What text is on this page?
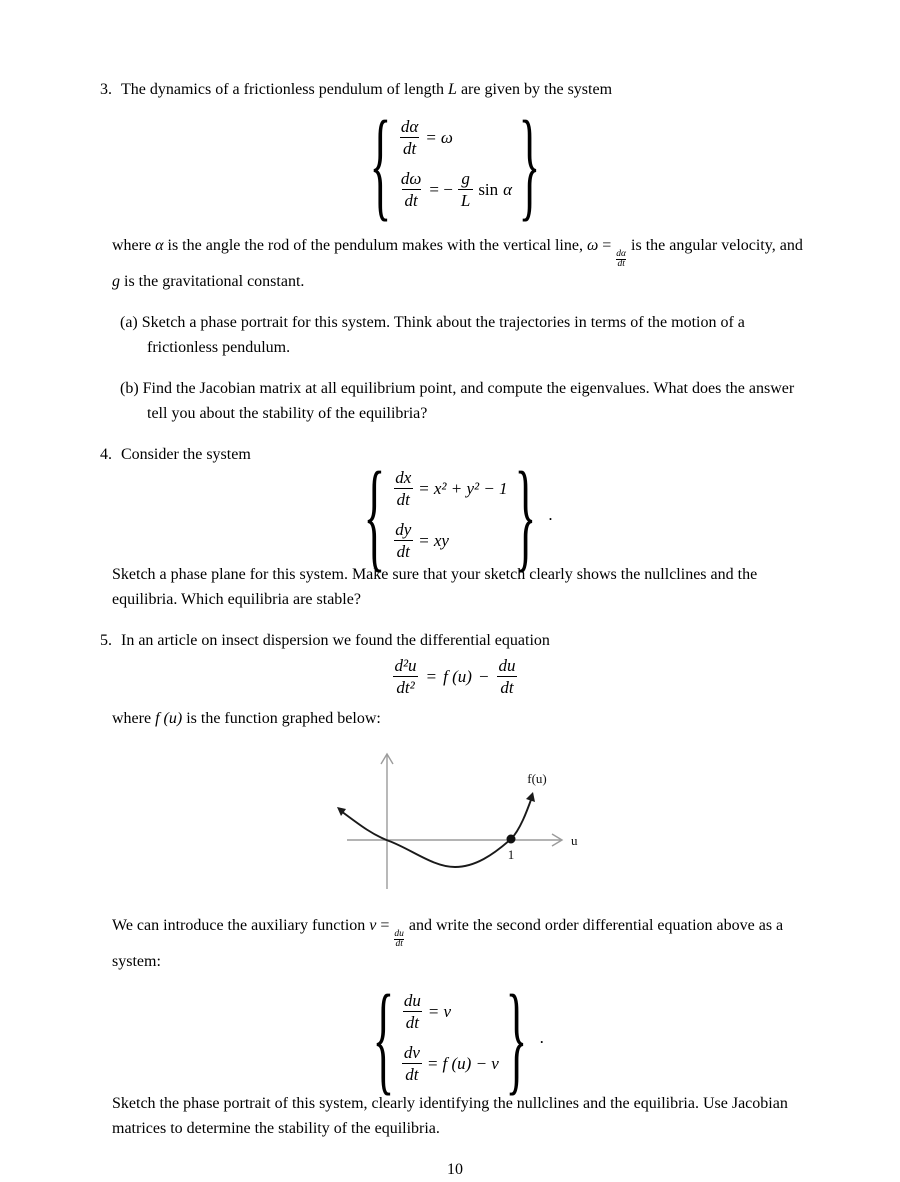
3. The dynamics of a frictionless pendulum of length L are given by the system
{ $\frac{d\alpha}{dt} = \omega$
$\frac{d\omega}{dt}$ = − $\frac{g}{L}$ sin α }

where α is the angle the rod of the pendulum makes with the vertical line, ω =
$\frac{d\alpha}{dt}$
is the angular velocity, and g is the gravitational constant.

(a) Sketch a phase portrait for this system. Think about the trajectories in terms of the motion of a frictionless pendulum.

(b) Find the Jacobian matrix at all equilibrium point, and compute the eigenvalues. What does the answer tell you about the stability of the equilibria?

4. Consider the system	{ $\frac{dx}{dt} = x^2 + y^2 - 1$
$\frac{dy}{dt}$ = xy } .

Sketch a phase plane for this system. Make sure that your sketch clearly shows the nullclines and the equilibria. Which equilibria are stable?

5. In an article on insect dispersion we found the differential equation
$\frac{\text{d²u}}{\text{dt²}} = f$ $(u) - \frac{du}{dt}$

where f (u) is the function graphed below:

f(u)
u
1

We can introduce the auxiliary function v =
$\frac{du}{dt}$
and write the second order differential equation above as a system:

{ $\frac{du}{dt} = v$
$\frac{dv}{dt} = f$ (u) − v } .

Sketch the phase portrait of this system, clearly identifying the nullclines and the equilibria. Use Jacobian matrices to determine the stability of the equilibria.

10
